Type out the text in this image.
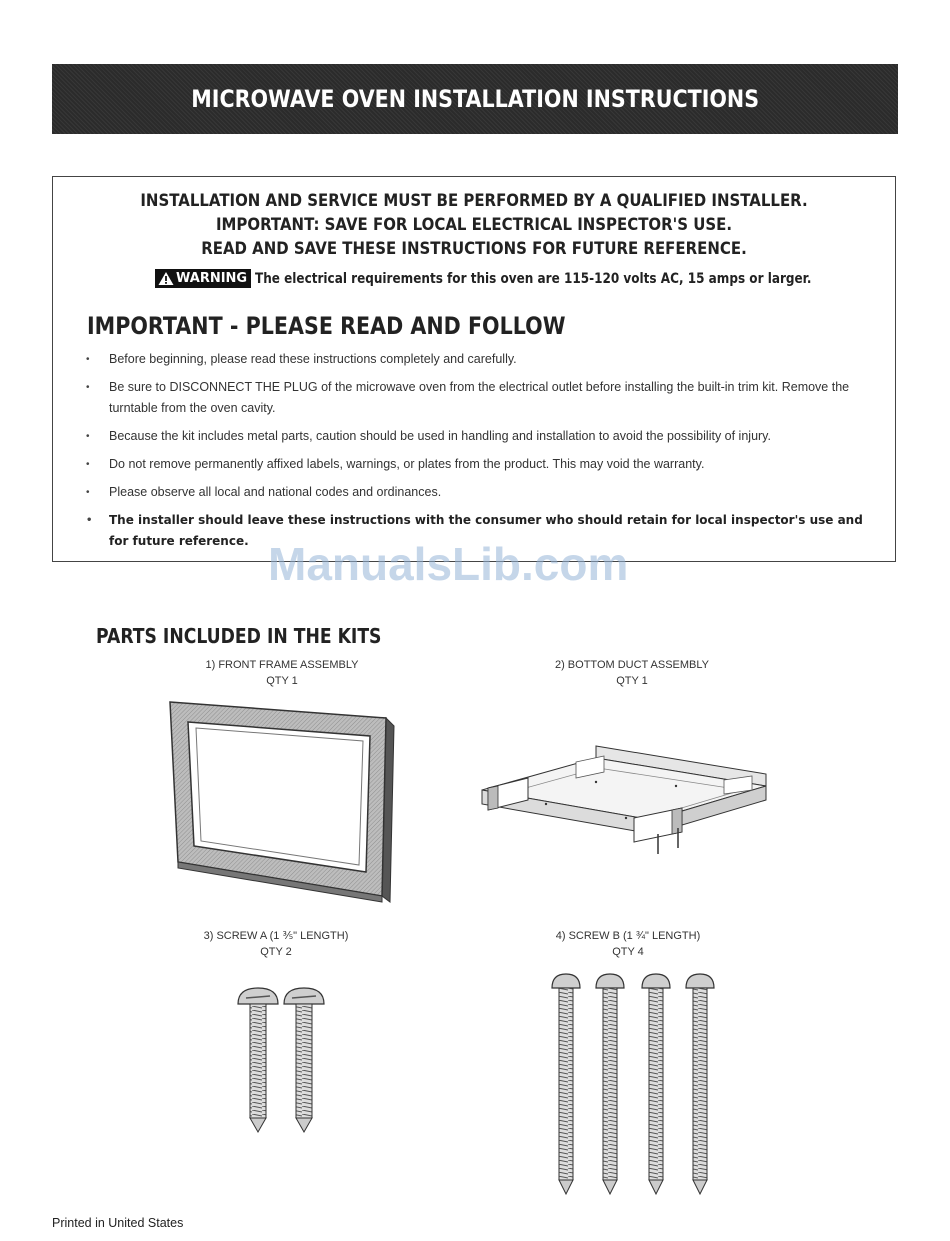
MICROWAVE OVEN INSTALLATION INSTRUCTIONS
INSTALLATION AND SERVICE MUST BE PERFORMED BY A QUALIFIED INSTALLER.
IMPORTANT: SAVE FOR LOCAL ELECTRICAL INSPECTOR'S USE.
READ AND SAVE THESE INSTRUCTIONS FOR FUTURE REFERENCE.
WARNING The electrical requirements for this oven are 115-120 volts AC, 15 amps or larger.
IMPORTANT - PLEASE READ AND FOLLOW
• Before beginning, please read these instructions completely and carefully.
• Be sure to DISCONNECT THE PLUG of the microwave oven from the electrical outlet before installing the built-in trim kit. Remove the turntable from the oven cavity.
• Because the kit includes metal parts, caution should be used in handling and installation to avoid the possibility of injury.
• Do not remove permanently affixed labels, warnings, or plates from the product. This may void the warranty.
• Please observe all local and national codes and ordinances.
• The installer should leave these instructions with the consumer who should retain for local inspector's use and for future reference. ManualsLib.com
PARTS INCLUDED IN THE KITS
1) FRONT FRAME ASSEMBLY
QTY 1
2) BOTTOM DUCT ASSEMBLY
QTY 1
3) SCREW A (1 ⅗" LENGTH)
QTY 2
4) SCREW B (1 ¾" LENGTH)
QTY 4
Printed in United States
